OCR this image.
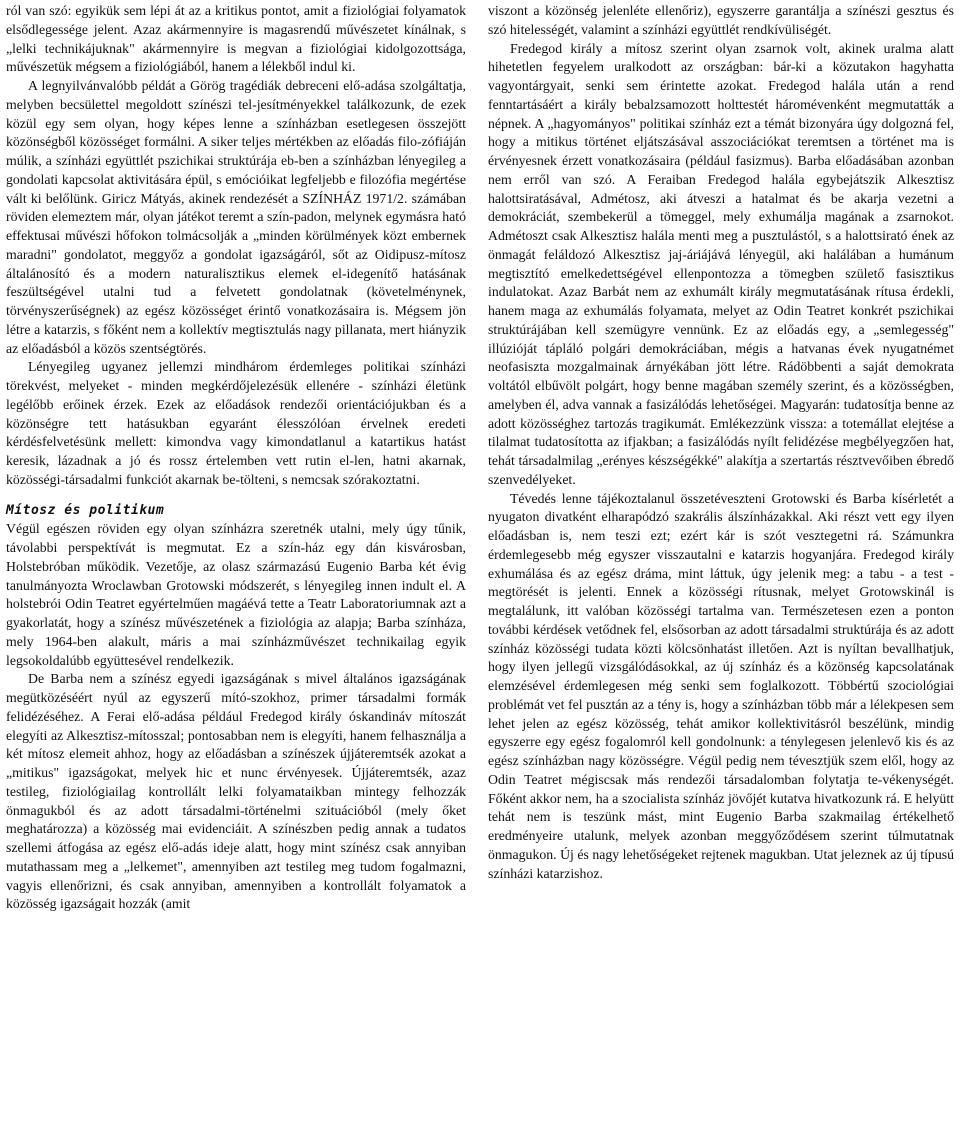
ról van szó: egyikük sem lépi át az a kritikus pontot, amit a fiziológiai folyamatok elsődlegessége jelent. Azaz akármennyire is magasrendű művészetet kínálnak, s „lelki technikájuknak" akármennyire is megvan a fiziológiai kidolgozottsága, művészetük mégsem a fiziológiából, hanem a lélekből indul ki.

A legnyilvánvalóbb példát a Görög tragédiák debreceni elő-adása szolgáltatja, melyben becsülettel megoldott színészi tel-jesítményekkel találkozunk, de ezek közül egy sem olyan, hogy képes lenne a színházban esetlegesen összejött közönségből közösséget formálni. A siker teljes mértékben az előadás filo-zófiáján múlik, a színházi együttlét pszichikai struktúrája eb-ben a színházban lényegileg a gondolati kapcsolat aktivitására épül, s emócióikat legfeljebb e filozófia megértése vált ki belőlünk. Giricz Mátyás, akinek rendezését a SZÍNHÁZ 1971/2. számában röviden elemeztem már, olyan játékot teremt a szín-padon, melynek egymásra ható effektusai művészi hőfokon tolmácsolják a „minden körülmények közt embernek maradni" gondolatot, meggyőz a gondolat igazságáról, sőt az Oidipusz-mítosz általánosító és a modern naturalisztikus elemek el-idegenítő hatásának feszültségével utalni tud a felvetett gondolatnak (követelménynek, törvényszerűségnek) az egész közösséget érintő vonatkozásaira is. Mégsem jön létre a katarzis, s főként nem a kollektív megtisztulás nagy pillanata, mert hiányzik az előadásból a közös szentségtörés.

Lényegileg ugyanez jellemzi mindhárom érdemleges politikai színházi törekvést, melyeket - minden megkérdőjelezésük ellenére - színházi életünk legélőbb erőinek érzek. Ezek az előadások rendezői orientációjukban és a közönségre tett hatásukban egyaránt élesszólóan érvelnek eredeti kérdésfelvetésünk mellett: kimondva vagy kimondatlanul a katartikus hatást keresik, lázadnak a jó és rossz értelemben vett rutin el-len, hatni akarnak, közösségi-társadalmi funkciót akarnak be-tölteni, s nemcsak szórakoztatni.

Mítosz és politikum

Végül egészen röviden egy olyan színházra szeretnék utalni, mely úgy tűnik, távolabbi perspektívát is megmutat. Ez a szín-ház egy dán kisvárosban, Holstebróban működik. Vezetője, az olasz származású Eugenio Barba két évig tanulmányozta Wroclawban Grotowski módszerét, s lényegileg innen indult el. A holstebrói Odin Teatret egyértelműen magáévá tette a Teatr Laboratoriumnak azt a gyakorlatát, hogy a színész művészetének a fiziológia az alapja; Barba színháza, mely 1964-ben alakult, máris a mai színházművészet technikailag egyik legsokoldalúbb együttesével rendelkezik.

De Barba nem a színész egyedi igazságának s mivel általános igazságának megütközéséért nyúl az egyszerű mító-szokhoz, primer társadalmi formák felidézéséhez. A Ferai elő-adása például Fredegod király óskandináv mítoszát elegyíti az Alkesztisz-mítosszal; pontosabban nem is elegyíti, hanem felhasználja a két mítosz elemeit ahhoz, hogy az előadásban a színészek újjáteremtsék azokat a „mitikus" igazságokat, melyek hic et nunc érvényesek. Újjáteremtsék, azaz testileg, fiziológiailag kontrollált lelki folyamataikban mintegy felhozzák önmagukból és az adott társadalmi-történelmi szituációból (mely őket meghatározza) a közösség mai evidenciáit. A színészben pedig annak a tudatos szellemi átfogása az egész elő-adás ideje alatt, hogy mint színész csak annyiban mutathassam meg a „lelkemet", amennyiben azt testileg meg tudom fogalmazni, vagyis ellenőrizni, és csak annyiban, amennyiben a kontrollált folyamatok a közösség igazságait hozzák (amit

viszont a közönség jelenléte ellenőriz), egyszerre garantálja a színészi gesztus és szó hitelességét, valamint a színházi együttlét rendkívüliségét.

Fredegod király a mítosz szerint olyan zsarnok volt, akinek uralma alatt hihetetlen fegyelem uralkodott az országban: bár-ki a közutakon hagyhatta vagyontárgyait, senki sem érintette azokat. Fredegod halála után a rend fenntartásáért a király bebalzsamozott holttestét háromévenként megmutatták a népnek. A „hagyományos" politikai színház ezt a témát bizonyára úgy dolgozná fel, hogy a mitikus történet eljátszásával asszociációkat teremtsen a történet ma is érvényesnek érzett vonatkozásaira (például fasizmus). Barba előadásában azonban nem erről van szó. A Feraiban Fredegod halála egybejátszik Alkesztisz halottsiratásával, Admétosz, aki átveszi a hatalmat és be akarja vezetni a demokráciát, szembekerül a tömeggel, mely exhumálja magának a zsarnokot. Admétoszt csak Alkesztisz halála menti meg a pusztulástól, s a halottsirató ének az önmagát feláldozó Alkesztisz jaj-áriájává lényegül, aki halálában a humánum megtisztító emelkedettségével ellenpontozza a tömegben születő fasisztikus indulatokat. Azaz Barbát nem az exhumált király megmutatásának rítusa érdekli, hanem maga az exhumálás folyamata, melyet az Odin Teatret konkrét pszichikai struktúrájában kell szemügyre vennünk. Ez az előadás egy, a „semlegesség" illúzióját tápláló polgári demokráciában, mégis a hatvanas évek nyugatnémet neofasiszta mozgalmainak árnyékában jött létre. Rádöbbenti a saját demokrata voltától elbűvölt polgárt, hogy benne magában személy szerint, és a közösségben, amelyben él, adva vannak a fasizálódás lehetőségei. Magyarán: tudatosítja benne az adott közösséghez tartozás tragikumát. Emlékezzünk vissza: a totemállat elejtése a tilalmat tudatosította az ifjakban; a fasizálódás nyílt felidézése megbélyegzően hat, tehát társadalmilag „erényes készségékké" alakítja a szertartás résztvevőiben ébredő szenvedélyeket.

Tévedés lenne tájékoztalanul összetéveszteni Grotowski és Barba kísérletét a nyugaton divatként elharapódzó szakrális álszínházakkal. Aki részt vett egy ilyen előadásban is, nem teszi ezt; ezért kár is szót vesztegetni rá. Számunkra érdemlegesebb még egyszer visszautalni e katarzis hogyanjára. Fredegod király exhumálása és az egész dráma, mint láttuk, úgy jelenik meg: a tabu - a test - megtörését is jelenti. Ennek a közösségi rítusnak, melyet Grotowskinál is megtalálunk, itt valóban közösségi tartalma van. Természetesen ezen a ponton további kérdések vetődnek fel, elsősorban az adott társadalmi struktúrája és az adott színház közösségi tudata közti kölcsönhatást illetően. Azt is nyíltan bevallhatjuk, hogy ilyen jellegű vizsgálódásokkal, az új színház és a közönség kapcsolatának elemzésével érdemlegesen még senki sem foglalkozott. Többértű szociológiai problémát vet fel pusztán az a tény is, hogy a színházban több már a lélekpesen sem lehet jelen az egész közösség, tehát amikor kollektivitásról beszélünk, mindig egyszerre egy egész fogalomról kell gondolnunk: a ténylegesen jelenlevő kis és az egész színházban nagy közösségre. Végül pedig nem tévesztjük szem elől, hogy az Odin Teatret mégiscsak más rendezői társadalomban folytatja te-vékenységét. Főként akkor nem, ha a szocialista színház jövőjét kutatva hivatkozunk rá. E helyütt tehát nem is teszünk mást, mint Eugenio Barba szakmailag értékelhető eredményeire utalunk, melyek azonban meggyőződésem szerint túlmutatnak önmagukon. Új és nagy lehetőségeket rejtenek magukban. Utat jeleznek az új típusú színházi katarzishoz.
